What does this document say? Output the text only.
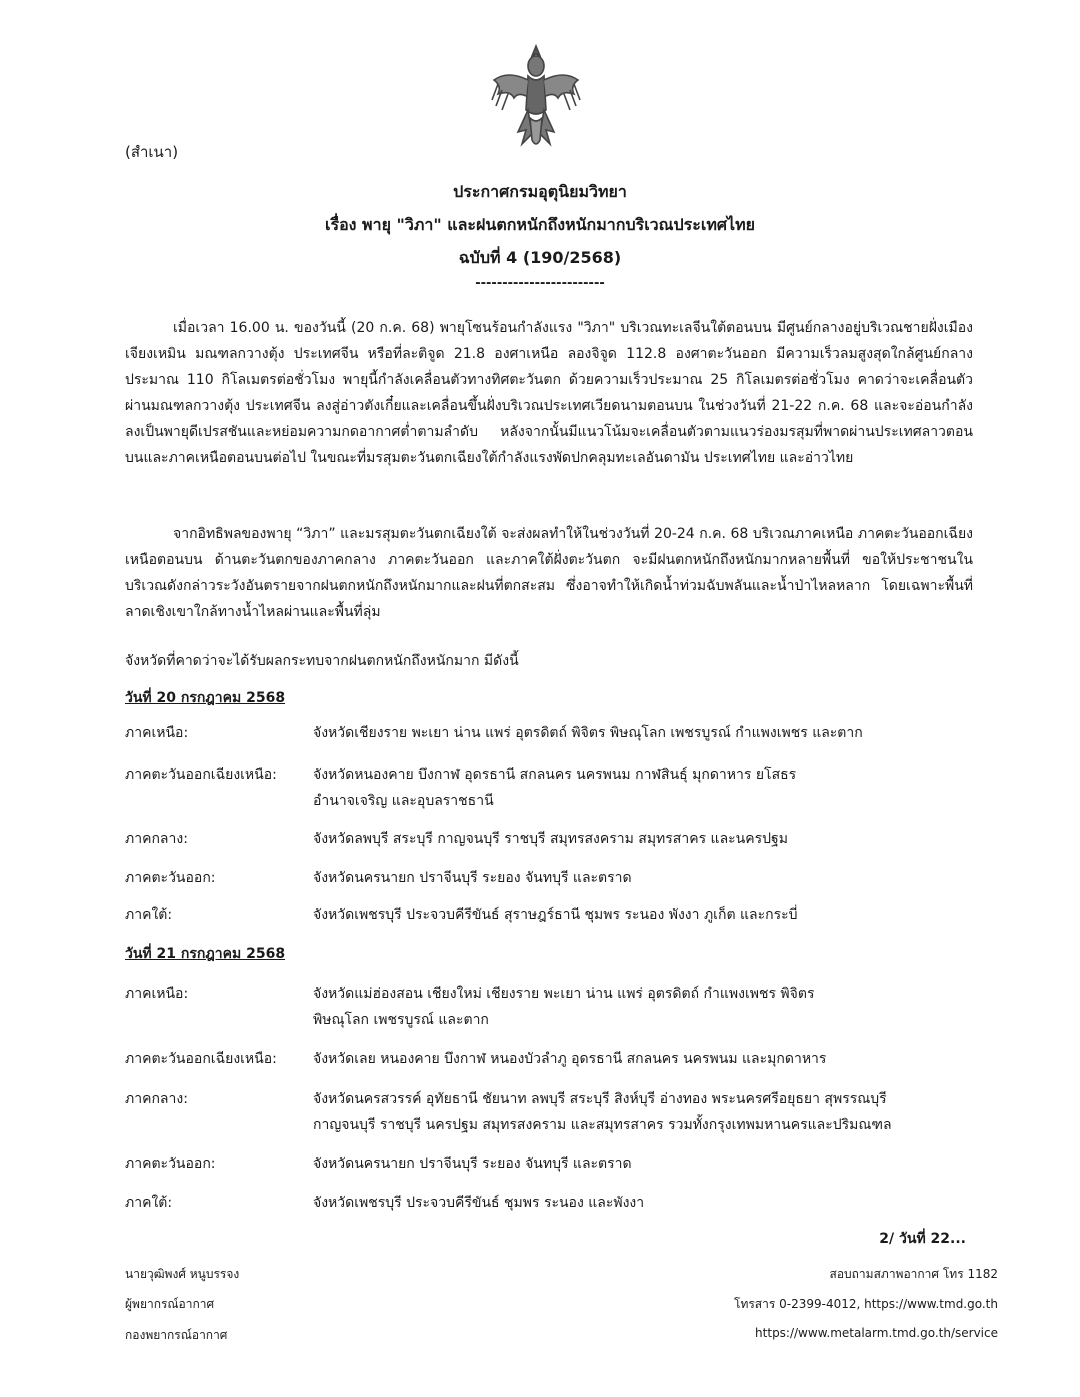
(สำเนา)
ประกาศกรมอุตุนิยมวิทยา
เรื่อง พายุ "วิภา" และฝนตกหนักถึงหนักมากบริเวณประเทศไทย
ฉบับที่ 4 (190/2568)
------------------------
เมื่อเวลา 16.00 น. ของวันนี้ (20 ก.ค. 68) พายุโซนร้อนกำลังแรง "วิภา" บริเวณทะเลจีนใต้ตอนบน มีศูนย์กลางอยู่บริเวณชายฝั่งเมืองเจียงเหมิน มณฑลกวางตุ้ง ประเทศจีน หรือที่ละติจูด 21.8 องศาเหนือ ลองจิจูด 112.8 องศาตะวันออก มีความเร็วลมสูงสุดใกล้ศูนย์กลางประมาณ 110 กิโลเมตรต่อชั่วโมง พายุนี้กำลังเคลื่อนตัวทางทิศตะวันตก ด้วยความเร็วประมาณ 25 กิโลเมตรต่อชั่วโมง คาดว่าจะเคลื่อนตัวผ่านมณฑลกวางตุ้ง ประเทศจีน ลงสู่อ่าวตังเกี๋ยและเคลื่อนขึ้นฝั่งบริเวณประเทศเวียดนามตอนบน ในช่วงวันที่ 21-22 ก.ค. 68 และจะอ่อนกำลังลงเป็นพายุดีเปรสชันและหย่อมความกดอากาศต่ำตามลำดับ หลังจากนั้นมีแนวโน้มจะเคลื่อนตัวตามแนวร่องมรสุมที่พาดผ่านประเทศลาวตอนบนและภาคเหนือตอนบนต่อไป ในขณะที่มรสุมตะวันตกเฉียงใต้กำลังแรงพัดปกคลุมทะเลอันดามัน ประเทศไทย และอ่าวไทย
จากอิทธิพลของพายุ “วิภา” และมรสุมตะวันตกเฉียงใต้ จะส่งผลทำให้ในช่วงวันที่ 20-24 ก.ค. 68 บริเวณภาคเหนือ ภาคตะวันออกเฉียงเหนือตอนบน ด้านตะวันตกของภาคกลาง ภาคตะวันออก และภาคใต้ฝั่งตะวันตก จะมีฝนตกหนักถึงหนักมากหลายพื้นที่ ขอให้ประชาชนในบริเวณดังกล่าวระวังอันตรายจากฝนตกหนักถึงหนักมากและฝนที่ตกสะสม ซึ่งอาจทำให้เกิดน้ำท่วมฉับพลันและน้ำป่าไหลหลาก โดยเฉพาะพื้นที่ลาดเชิงเขาใกล้ทางน้ำไหลผ่านและพื้นที่ลุ่ม
จังหวัดที่คาดว่าจะได้รับผลกระทบจากฝนตกหนักถึงหนักมาก มีดังนี้
วันที่ 20 กรกฎาคม 2568
ภาคเหนือ:	จังหวัดเชียงราย พะเยา น่าน แพร่ อุตรดิตถ์ พิจิตร พิษณุโลก เพชรบูรณ์ กำแพงเพชร และตาก
ภาคตะวันออกเฉียงเหนือ:	จังหวัดหนองคาย บึงกาฬ อุดรธานี สกลนคร นครพนม กาฬสินธุ์ มุกดาหาร ยโสธร
อำนาจเจริญ และอุบลราชธานี
ภาคกลาง:	จังหวัดลพบุรี สระบุรี กาญจนบุรี ราชบุรี สมุทรสงคราม สมุทรสาคร และนครปฐม
ภาคตะวันออก:	จังหวัดนครนายก ปราจีนบุรี ระยอง จันทบุรี และตราด
ภาคใต้:	จังหวัดเพชรบุรี ประจวบคีรีขันธ์ สุราษฎร์ธานี ชุมพร ระนอง พังงา ภูเก็ต และกระบี่
วันที่ 21 กรกฎาคม 2568
ภาคเหนือ:	จังหวัดแม่ฮ่องสอน เชียงใหม่ เชียงราย พะเยา น่าน แพร่ อุตรดิตถ์ กำแพงเพชร พิจิตร
พิษณุโลก เพชรบูรณ์ และตาก
ภาคตะวันออกเฉียงเหนือ:	จังหวัดเลย หนองคาย บึงกาฬ หนองบัวลำภู อุดรธานี สกลนคร นครพนม และมุกดาหาร
ภาคกลาง:	จังหวัดนครสวรรค์ อุทัยธานี ชัยนาท ลพบุรี สระบุรี สิงห์บุรี อ่างทอง พระนครศรีอยุธยา สุพรรณบุรี
กาญจนบุรี ราชบุรี นครปฐม สมุทรสงคราม และสมุทรสาคร รวมทั้งกรุงเทพมหานครและปริมณฑล
ภาคตะวันออก:	จังหวัดนครนายก ปราจีนบุรี ระยอง จันทบุรี และตราด
ภาคใต้:	จังหวัดเพชรบุรี ประจวบคีรีขันธ์ ชุมพร ระนอง และพังงา
2/ วันที่ 22...
นายวุฒิพงศ์ หนูบรรจง
ผู้พยากรณ์อากาศ
กองพยากรณ์อากาศ
สอบถามสภาพอากาศ โทร 1182
โทรสาร 0-2399-4012, https://www.tmd.go.th
https://www.metalarm.tmd.go.th/service
